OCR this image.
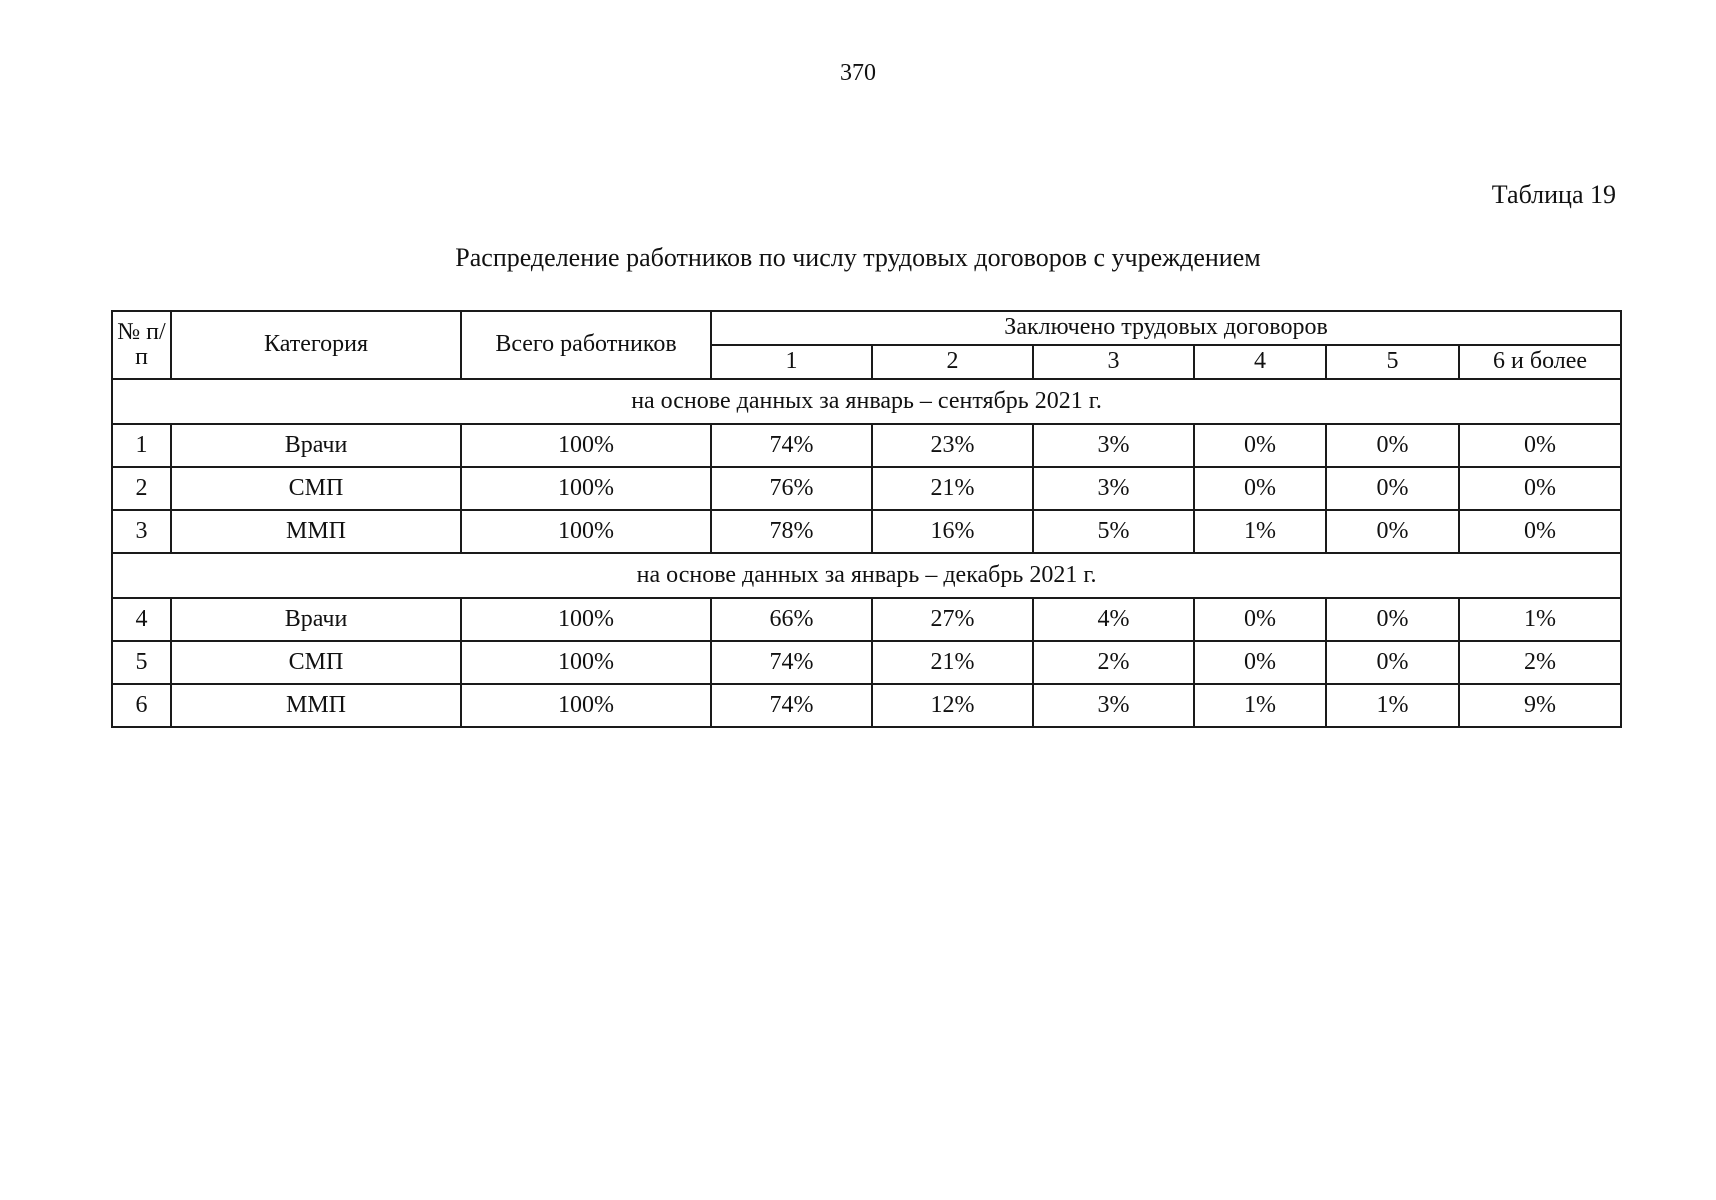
370
Таблица 19
Распределение работников по числу трудовых договоров с учреждением
№ п/п	Категория	Всего работников	Заключено трудовых договоров					
			1	2	3	4	5	6 и более
на основе данных за январь – сентябрь 2021 г.								
1	Врачи	100%	74%	23%	3%	0%	0%	0%
2	СМП	100%	76%	21%	3%	0%	0%	0%
3	ММП	100%	78%	16%	5%	1%	0%	0%
на основе данных за январь – декабрь 2021 г.								
4	Врачи	100%	66%	27%	4%	0%	0%	1%
5	СМП	100%	74%	21%	2%	0%	0%	2%
6	ММП	100%	74%	12%	3%	1%	1%	9%
